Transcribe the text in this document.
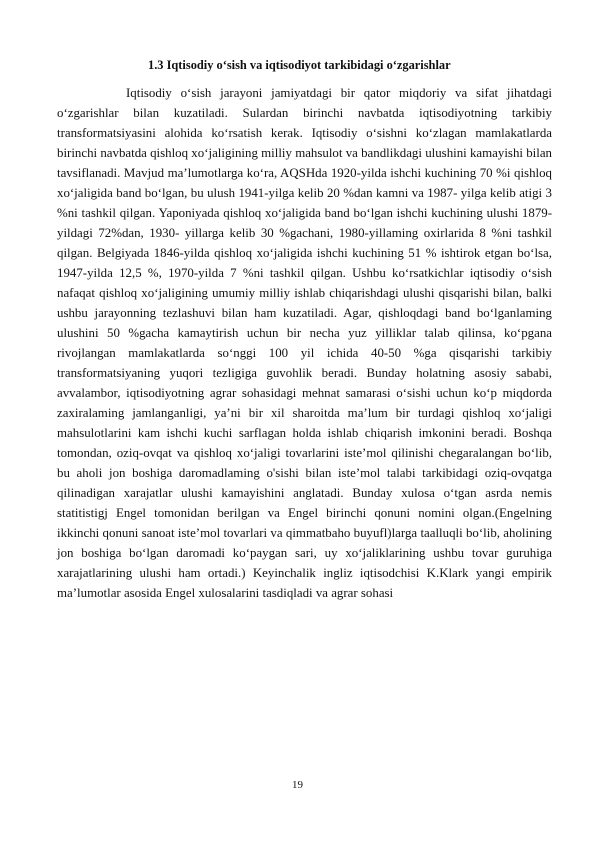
1.3 Iqtisodiy o‘sish va iqtisodiyot tarkibidagi o‘zgarishlar

Iqtisodiy o‘sish jarayoni jamiyatdagi bir qator miqdoriy va sifat jihatdagi o‘zgarishlar bilan kuzatiladi. Sulardan birinchi navbatda iqtisodiyotning tarkibiy transformatsiyasini alohida ko‘rsatish kerak. Iqtisodiy o‘sishni ko‘zlagan mamlakatlarda birinchi navbatda qishloq xo‘jaligining milliy mahsulot va bandlikdagi ulushini kamayishi bilan tavsiflanadi. Mavjud ma’lumotlarga ko‘ra, AQSHda 1920-yilda ishchi kuchining 70 %i qishloq xo‘jaligida band bo‘lgan, bu ulush 1941-yilga kelib 20 %dan kamni va 1987- yilga kelib atigi 3 %ni tashkil qilgan. Yaponiyada qishloq xo‘jaligida band bo‘lgan ishchi kuchining ulushi 1879-yildagi 72%dan, 1930- yillarga kelib 30 %gachani, 1980-yillaming oxirlarida 8 %ni tashkil qilgan. Belgiyada 1846-yilda qishloq xo‘jaligida ishchi kuchining 51 % ishtirok etgan bo‘lsa, 1947-yilda 12,5 %, 1970-yilda 7 %ni tashkil qilgan. Ushbu ko‘rsatkichlar iqtisodiy o‘sish nafaqat qishloq xo‘jaligining umumiy milliy ishlab chiqarishdagi ulushi qisqarishi bilan, balki ushbu jarayonning tezlashuvi bilan ham kuzatiladi. Agar, qishloqdagi band bo‘lganlaming ulushini 50 %gacha kamaytirish uchun bir necha yuz yilliklar talab qilinsa, ko‘pgana rivojlangan mamlakatlarda so‘nggi 100 yil ichida 40-50 %ga qisqarishi tarkibiy transformatsiyaning yuqori tezligiga guvohlik beradi. Bunday holatning asosiy sababi, avvalambor, iqtisodiyotning agrar sohasidagi mehnat samarasi o‘sishi uchun ko‘p miqdorda zaxiralaming jamlanganligi, ya’ni bir xil sharoitda ma’lum bir turdagi qishloq xo‘jaligi mahsulotlarini kam ishchi kuchi sarflagan holda ishlab chiqarish imkonini beradi. Boshqa tomondan, oziq-ovqat va qishloq xo‘jaligi tovarlarini iste’mol qilinishi chegaralangan bo‘lib, bu aholi jon boshiga daromadlaming o'sishi bilan iste’mol talabi tarkibidagi oziq-ovqatga qilinadigan xarajatlar ulushi kamayishini anglatadi. Bunday xulosa o‘tgan asrda nemis statitistigj Engel tomonidan berilgan va Engel birinchi qonuni nomini olgan.(Engelning ikkinchi qonuni sanoat iste’mol tovarlari va qimmatbaho buyufl)larga taalluqli bo‘lib, aholining jon boshiga bo‘lgan daromadi ko‘paygan sari, uy xo‘jaliklarining ushbu tovar guruhiga xarajatlarining ulushi ham ortadi.) Keyinchalik ingliz iqtisodchisi K.Klark yangi empirik ma’lumotlar asosida Engel xulosalarini tasdiqladi va agrar sohasi

19
